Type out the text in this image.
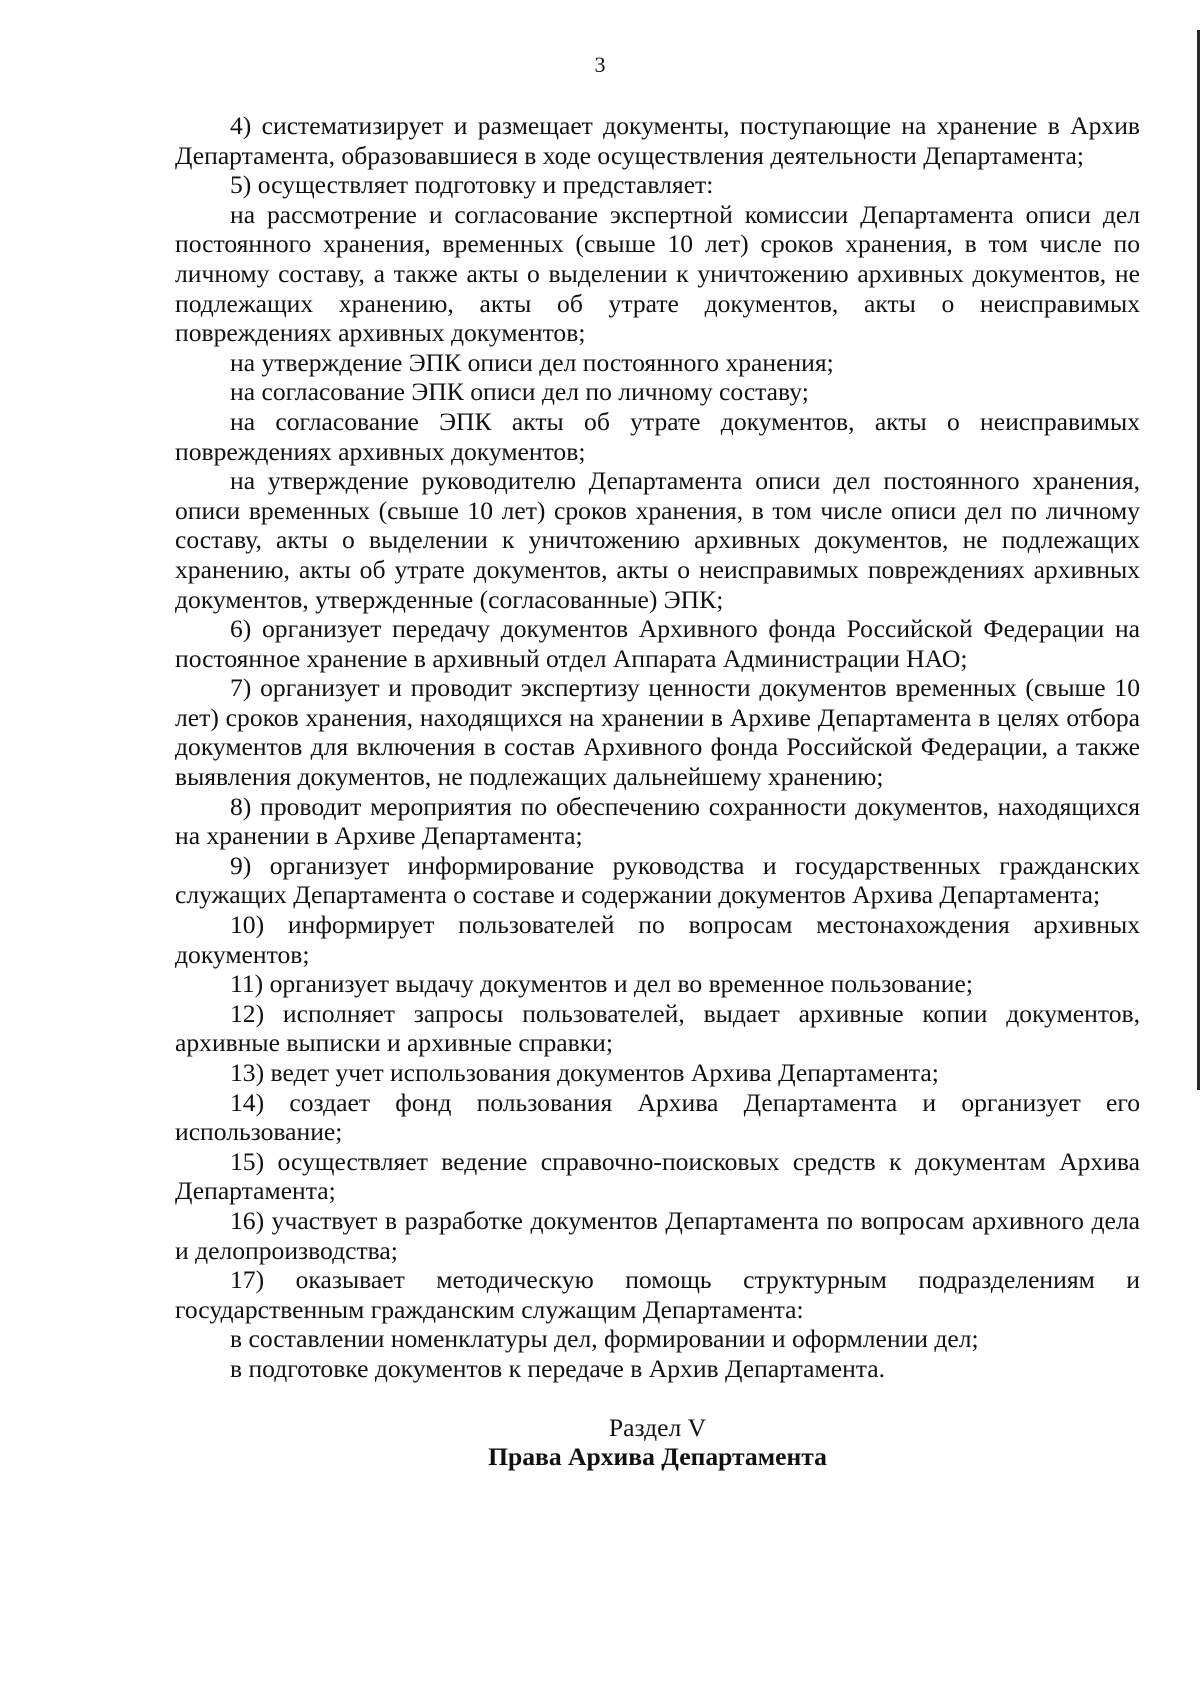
3

4) систематизирует и размещает документы, поступающие на хранение в Архив Департамента, образовавшиеся в ходе осуществления деятельности Департамента;

5) осуществляет подготовку и представляет:

на рассмотрение и согласование экспертной комиссии Департамента описи дел постоянного хранения, временных (свыше 10 лет) сроков хранения, в том числе по личному составу, а также акты о выделении к уничтожению архивных документов, не подлежащих хранению, акты об утрате документов, акты о неисправимых повреждениях архивных документов;

на утверждение ЭПК описи дел постоянного хранения;

на согласование ЭПК описи дел по личному составу;

на согласование ЭПК акты об утрате документов, акты о неисправимых повреждениях архивных документов;

на утверждение руководителю Департамента описи дел постоянного хранения, описи временных (свыше 10 лет) сроков хранения, в том числе описи дел по личному составу, акты о выделении к уничтожению архивных документов, не подлежащих хранению, акты об утрате документов, акты о неисправимых повреждениях архивных документов, утвержденные (согласованные) ЭПК;

6) организует передачу документов Архивного фонда Российской Федерации на постоянное хранение в архивный отдел Аппарата Администрации НАО;

7) организует и проводит экспертизу ценности документов временных (свыше 10 лет) сроков хранения, находящихся на хранении в Архиве Департамента в целях отбора документов для включения в состав Архивного фонда Российской Федерации, а также выявления документов, не подлежащих дальнейшему хранению;

8) проводит мероприятия по обеспечению сохранности документов, находящихся на хранении в Архиве Департамента;

9) организует информирование руководства и государственных гражданских служащих Департамента о составе и содержании документов Архива Департамента;

10) информирует пользователей по вопросам местонахождения архивных документов;

11) организует выдачу документов и дел во временное пользование;

12) исполняет запросы пользователей, выдает архивные копии документов, архивные выписки и архивные справки;

13) ведет учет использования документов Архива Департамента;

14) создает фонд пользования Архива Департамента и организует его использование;

15) осуществляет ведение справочно-поисковых средств к документам Архива Департамента;

16) участвует в разработке документов Департамента по вопросам архивного дела и делопроизводства;

17) оказывает методическую помощь структурным подразделениям и государственным гражданским служащим Департамента:

в составлении номенклатуры дел, формировании и оформлении дел;

в подготовке документов к передаче в Архив Департамента.

Раздел V

Права Архива Департамента
